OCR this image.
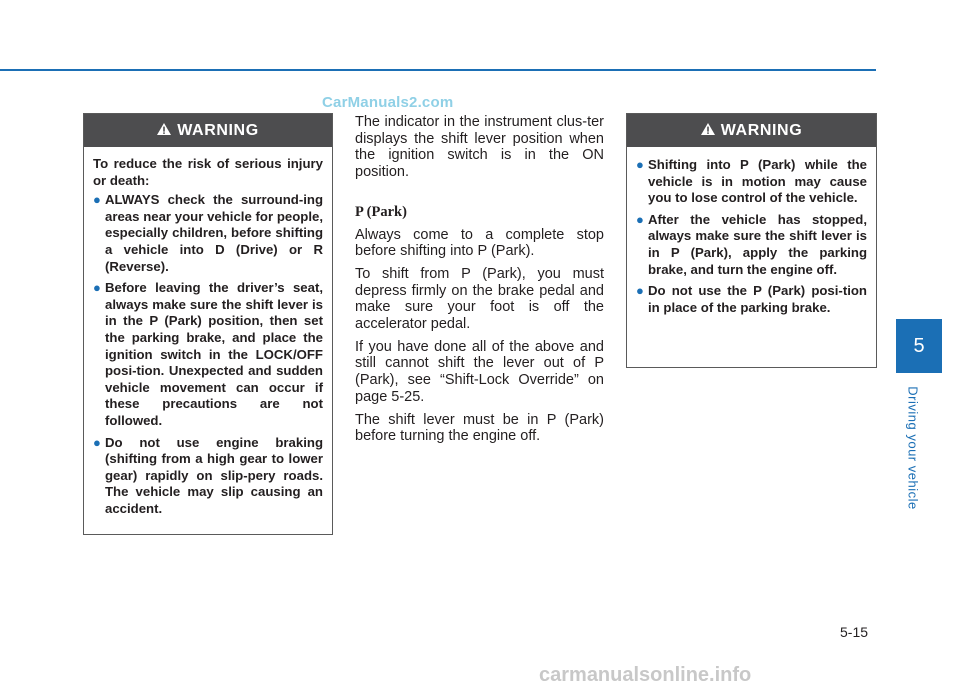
CarManuals2.com
WARNING
To reduce the risk of serious injury or death:
● ALWAYS check the surround-ing areas near your vehicle for people, especially children, before shifting a vehicle into D (Drive) or R (Reverse).
● Before leaving the driver’s seat, always make sure the shift lever is in the P (Park) position, then set the parking brake, and place the ignition switch in the LOCK/OFF posi-tion. Unexpected and sudden vehicle movement can occur if these precautions are not followed.
● Do not use engine braking (shifting from a high gear to lower gear) rapidly on slip-pery roads. The vehicle may slip causing an accident.

The indicator in the instrument clus-ter displays the shift lever position when the ignition switch is in the ON position.

P (Park)

Always come to a complete stop before shifting into P (Park).

To shift from P (Park), you must depress firmly on the brake pedal and make sure your foot is off the accelerator pedal.

If you have done all of the above and still cannot shift the lever out of P (Park), see “Shift-Lock Override” on page 5-25.

The shift lever must be in P (Park) before turning the engine off.

WARNING
● Shifting into P (Park) while the vehicle is in motion may cause you to lose control of the vehicle.
● After the vehicle has stopped, always make sure the shift lever is in P (Park), apply the parking brake, and turn the engine off.
● Do not use the P (Park) posi-tion in place of the parking brake.
5
Driving your vehicle
5-15
carmanualsonline.info
